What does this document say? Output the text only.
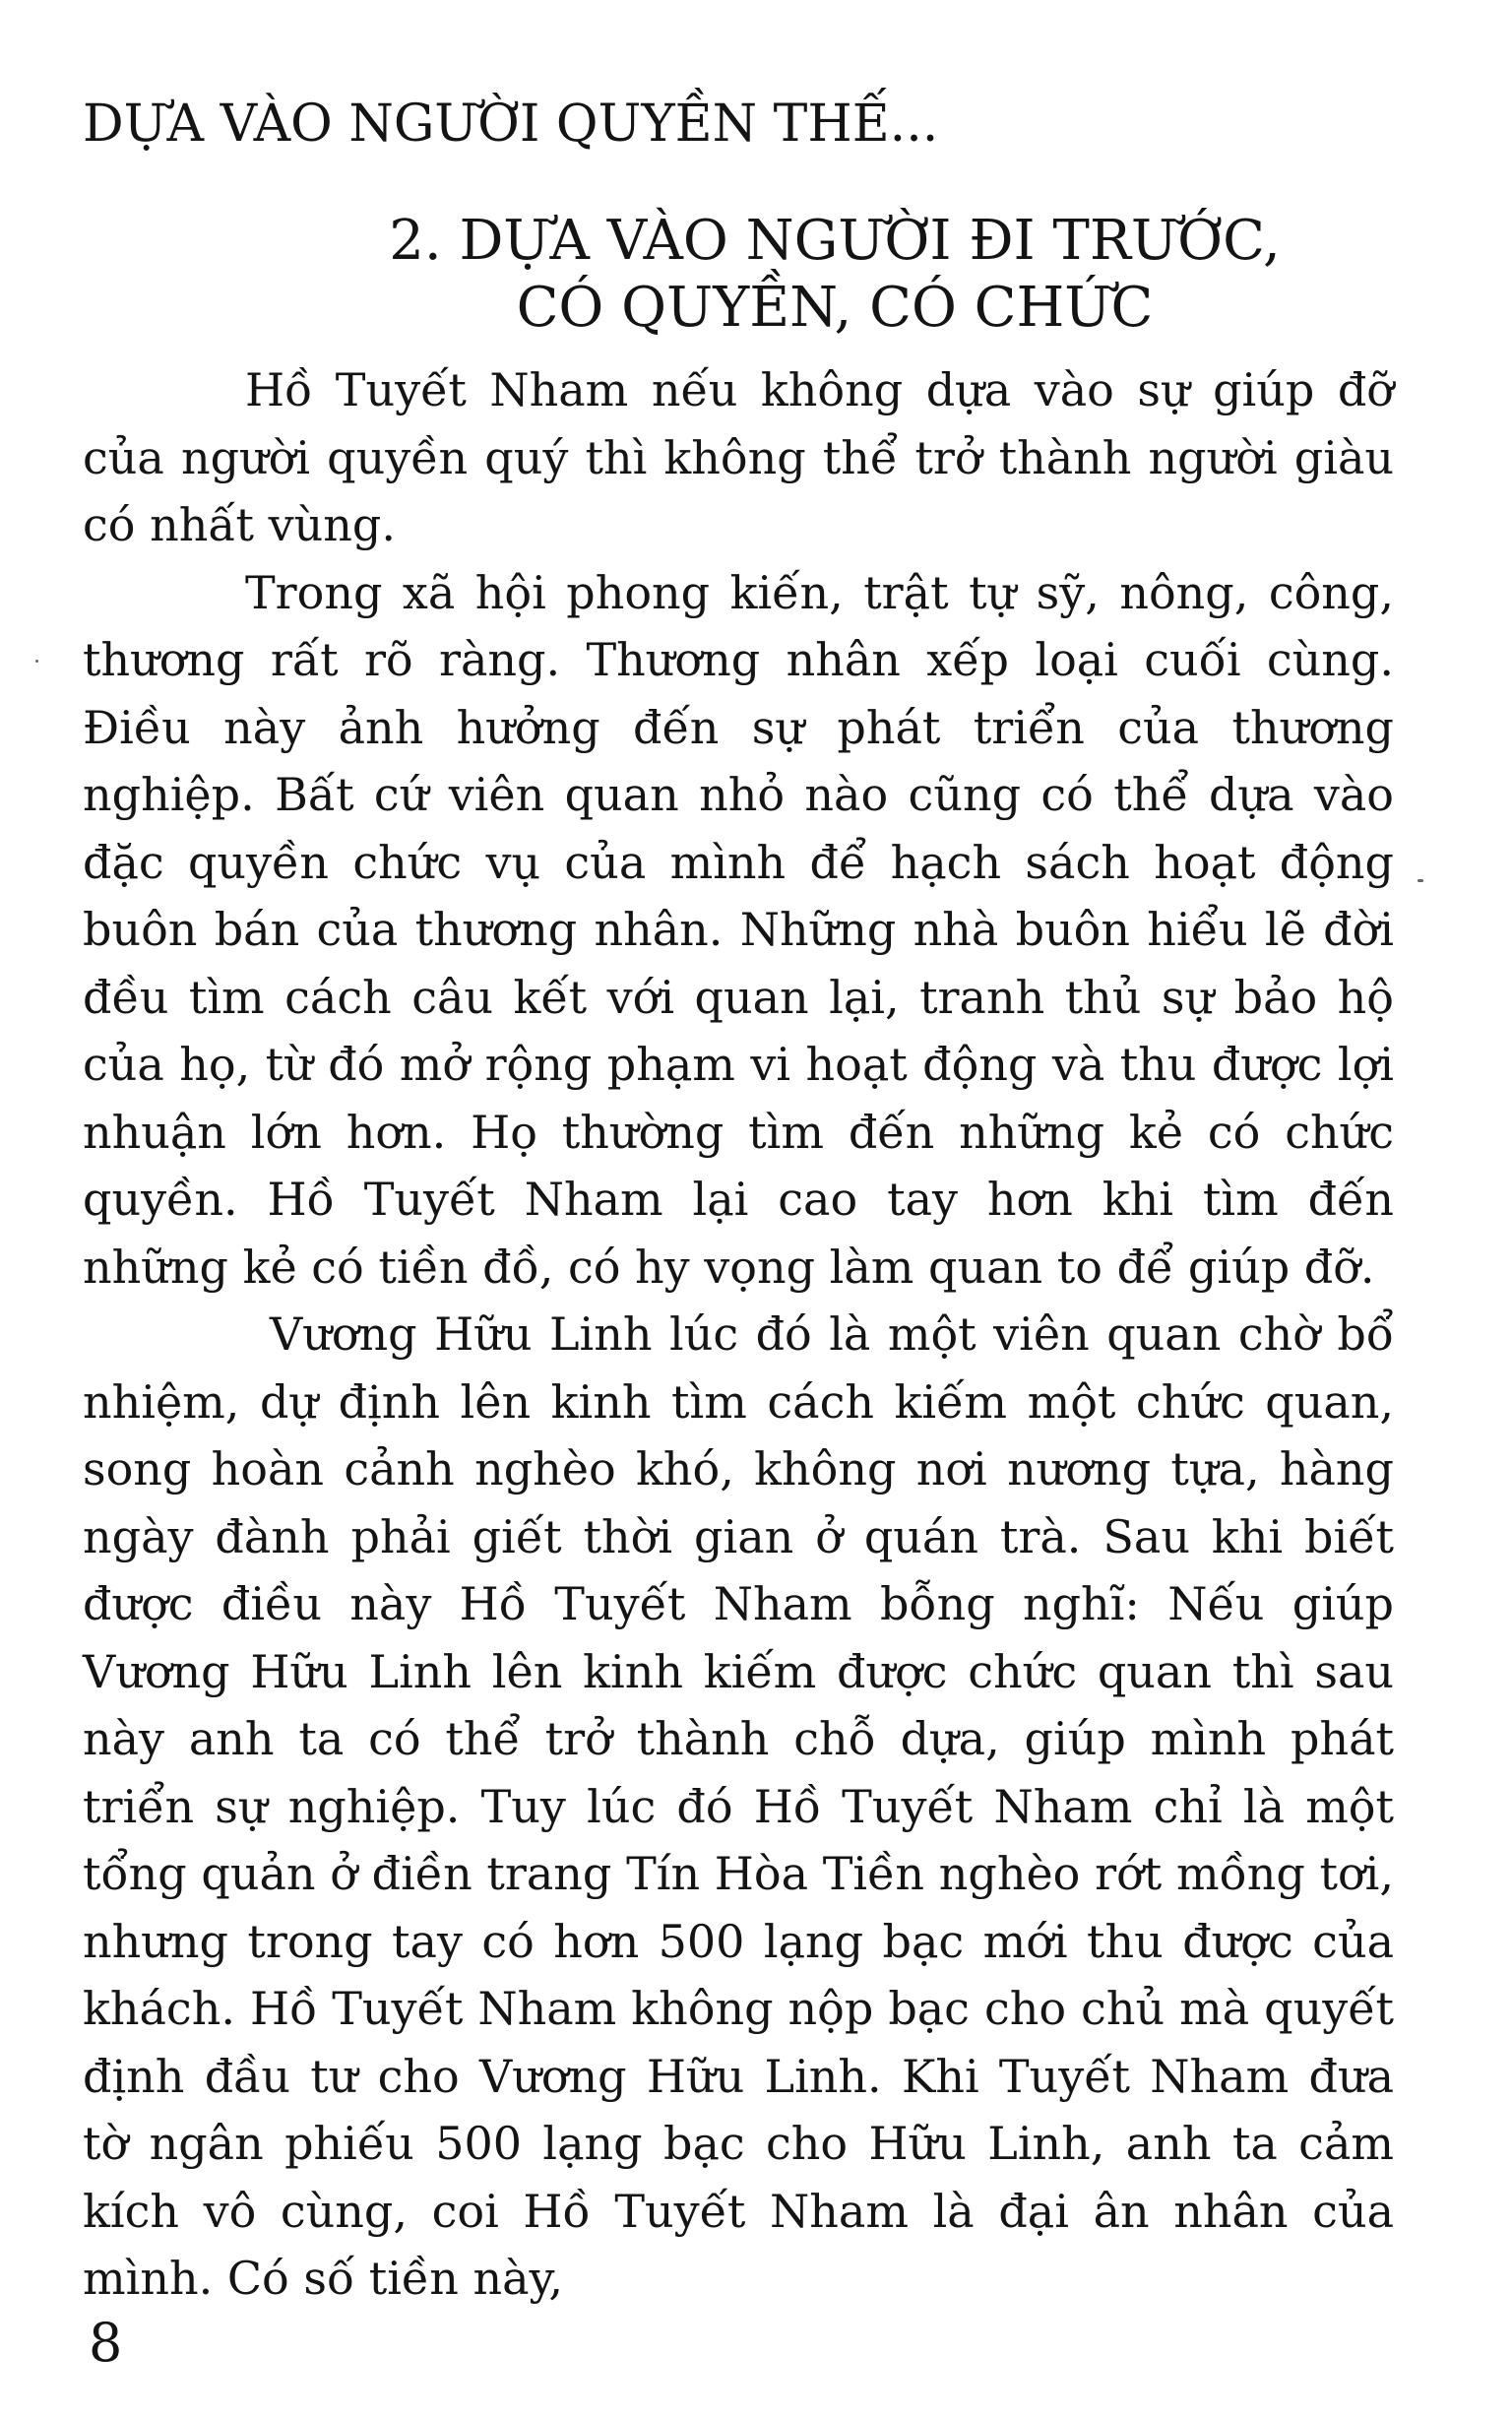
DỰA VÀO NGƯỜI QUYỀN THẾ...
2. DỰA VÀO NGƯỜI ĐI TRƯỚC,
CÓ QUYỀN, CÓ CHỨC

Hồ Tuyết Nham nếu không dựa vào sự giúp đỡ của người quyền quý thì không thể trở thành người giàu có nhất vùng.

Trong xã hội phong kiến, trật tự sỹ, nông, công, thương rất rõ ràng. Thương nhân xếp loại cuối cùng. Điều này ảnh hưởng đến sự phát triển của thương nghiệp. Bất cứ viên quan nhỏ nào cũng có thể dựa vào đặc quyền chức vụ của mình để hạch sách hoạt động buôn bán của thương nhân. Những nhà buôn hiểu lẽ đời đều tìm cách câu kết với quan lại, tranh thủ sự bảo hộ của họ, từ đó mở rộng phạm vi hoạt động và thu được lợi nhuận lớn hơn. Họ thường tìm đến những kẻ có chức quyền. Hồ Tuyết Nham lại cao tay hơn khi tìm đến những kẻ có tiền đồ, có hy vọng làm quan to để giúp đỡ.

Vương Hữu Linh lúc đó là một viên quan chờ bổ nhiệm, dự định lên kinh tìm cách kiếm một chức quan, song hoàn cảnh nghèo khó, không nơi nương tựa, hàng ngày đành phải giết thời gian ở quán trà. Sau khi biết được điều này Hồ Tuyết Nham bỗng nghĩ: Nếu giúp Vương Hữu Linh lên kinh kiếm được chức quan thì sau này anh ta có thể trở thành chỗ dựa, giúp mình phát triển sự nghiệp. Tuy lúc đó Hồ Tuyết Nham chỉ là một tổng quản ở điền trang Tín Hòa Tiền nghèo rớt mồng tơi, nhưng trong tay có hơn 500 lạng bạc mới thu được của khách. Hồ Tuyết Nham không nộp bạc cho chủ mà quyết định đầu tư cho Vương Hữu Linh. Khi Tuyết Nham đưa tờ ngân phiếu 500 lạng bạc cho Hữu Linh, anh ta cảm kích vô cùng, coi Hồ Tuyết Nham là đại ân nhân của mình. Có số tiền này,

8
